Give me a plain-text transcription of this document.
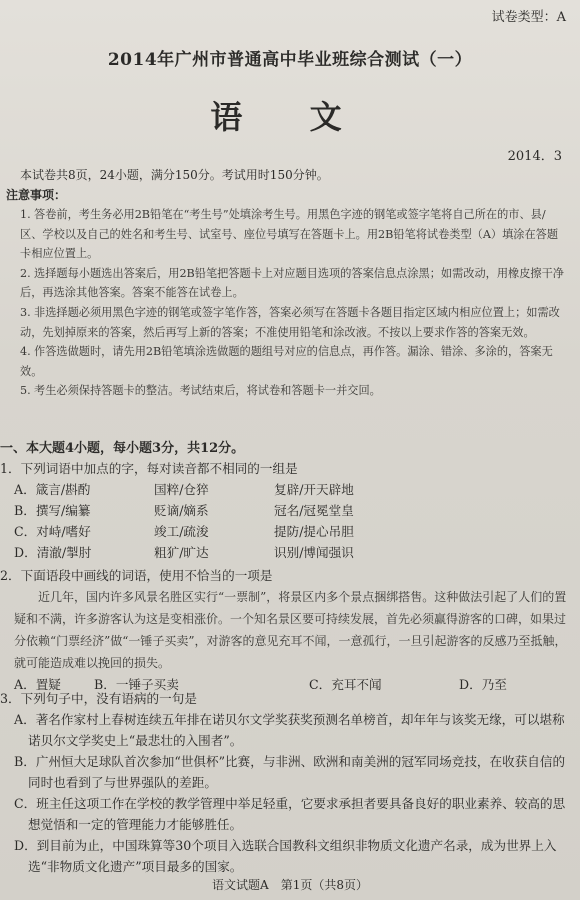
试卷类型：A
2014年广州市普通高中毕业班综合测试（一）
语 文
2014．3
本试卷共8页，24小题，满分150分。考试用时150分钟。
注意事项：
1. 答卷前，考生务必用2B铅笔在“考生号”处填涂考生号。用黑色字迹的钢笔或签字笔将自己所在的市、县/区、学校以及自己的姓名和考生号、试室号、座位号填写在答题卡上。用2B铅笔将试卷类型（A）填涂在答题卡相应位置上。
2. 选择题每小题选出答案后，用2B铅笔把答题卡上对应题目选项的答案信息点涂黑；如需改动，用橡皮擦干净后，再选涂其他答案。答案不能答在试卷上。
3. 非选择题必须用黑色字迹的钢笔或签字笔作答，答案必须写在答题卡各题目指定区域内相应位置上；如需改动，先划掉原来的答案，然后再写上新的答案；不准使用铅笔和涂改液。不按以上要求作答的答案无效。
4. 作答选做题时，请先用2B铅笔填涂选做题的题组号对应的信息点，再作答。漏涂、错涂、多涂的，答案无效。
5. 考生必须保持答题卡的整洁。考试结束后，将试卷和答题卡一并交回。
一、本大题4小题，每小题3分，共12分。
1．下列词语中加点的字，每对读音都不相同的一组是
A．箴言/斟酌	国粹/仓猝	复辟/开天辟地
B．撰写/编纂	贬谪/嫡系	冠名/冠冕堂皇
C．对峙/嗜好	竣工/疏浚	提防/提心吊胆
D．清澈/掣肘	粗犷/旷达	识别/博闻强识
2．下面语段中画线的词语，使用不恰当的一项是
近几年，国内许多风景名胜区实行“一票制”，将景区内多个景点捆绑搭售。这种做法引起了人们的置疑和不满，许多游客认为这是变相涨价。一个知名景区要可持续发展，首先必须赢得游客的口碑，如果过分依赖“门票经济”做“一锤子买卖”，对游客的意见充耳不闻，一意孤行，一旦引起游客的反感乃至抵触，就可能造成难以挽回的损失。
A．置疑	B．一锤子买卖	C．充耳不闻	D．乃至
3．下列句子中，没有语病的一句是
A．著名作家村上春树连续五年排在诺贝尔文学奖获奖预测名单榜首，却年年与该奖无缘，可以堪称诺贝尔文学奖史上“最悲壮的入围者”。
B．广州恒大足球队首次参加“世俱杯”比赛，与非洲、欧洲和南美洲的冠军同场竞技，在收获自信的同时也看到了与世界强队的差距。
C．班主任这项工作在学校的教学管理中举足轻重，它要求承担者要具备良好的职业素养、较高的思想觉悟和一定的管理能力才能够胜任。
D．到目前为止，中国珠算等30个项目入选联合国教科文组织非物质文化遗产名录，成为世界上入选“非物质文化遗产”项目最多的国家。
语文试题A　第1页（共8页）
